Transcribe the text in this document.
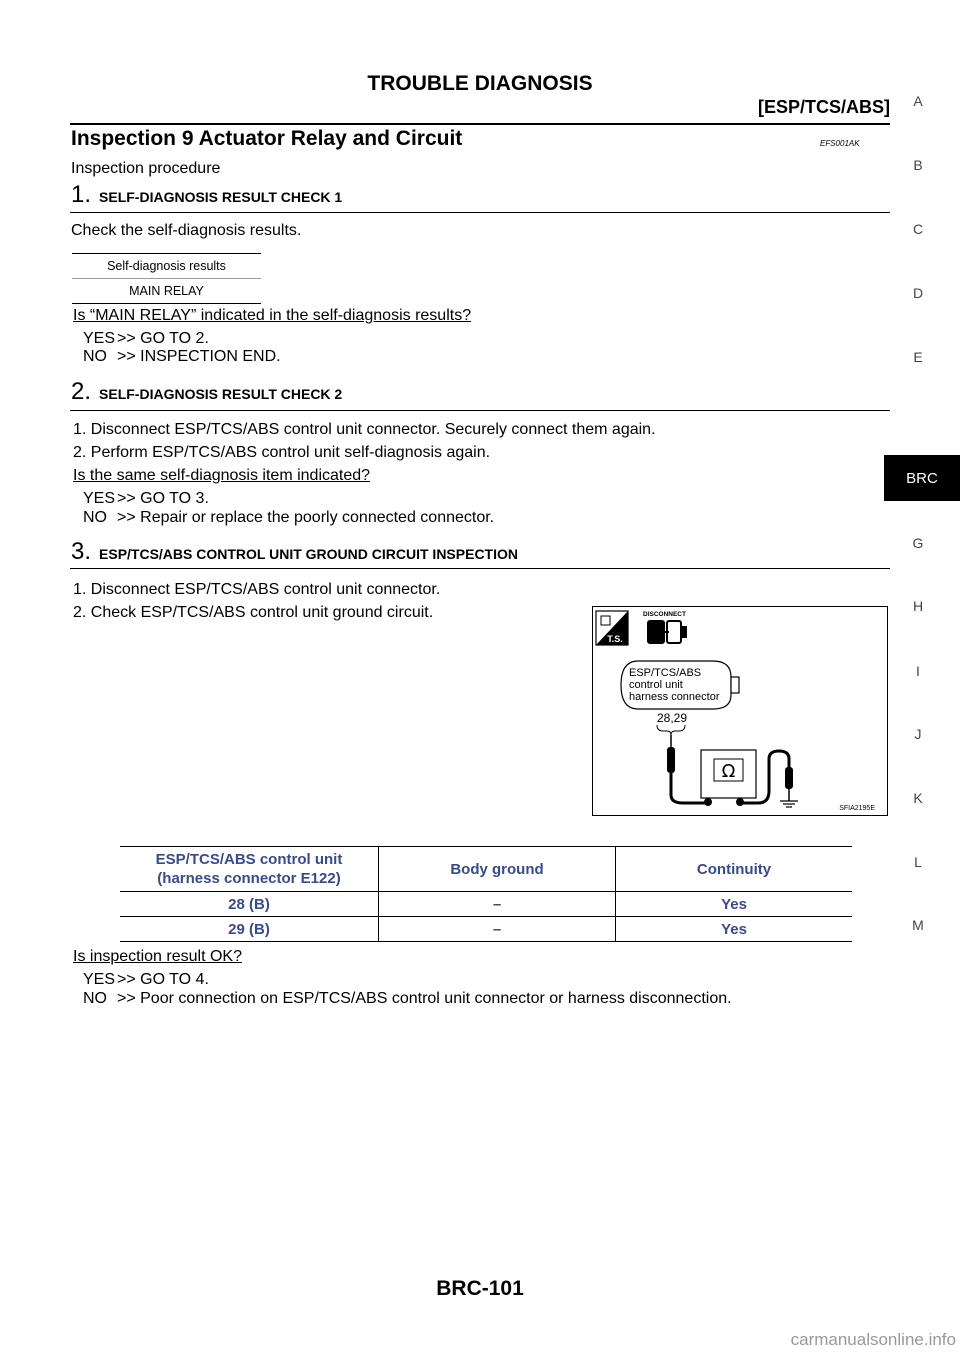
TROUBLE DIAGNOSIS
[ESP/TCS/ABS]	A
B
C
D
E
BRC
G
H
I
J
K
L
M
Inspection 9 Actuator Relay and Circuit	EFS001AK
Inspection procedure
1. SELF-DIAGNOSIS RESULT CHECK 1
Check the self-diagnosis results.
Self-diagnosis results
MAIN RELAY
Is “MAIN RELAY” indicated in the self-diagnosis results?
YES >> GO TO 2.
NO >> INSPECTION END.
2. SELF-DIAGNOSIS RESULT CHECK 2
1. Disconnect ESP/TCS/ABS control unit connector. Securely connect them again.
2. Perform ESP/TCS/ABS control unit self-diagnosis again.
Is the same self-diagnosis item indicated?
YES >> GO TO 3.
NO >> Repair or replace the poorly connected connector.
3. ESP/TCS/ABS CONTROL UNIT GROUND CIRCUIT INSPECTION
1. Disconnect ESP/TCS/ABS control unit connector.
2. Check ESP/TCS/ABS control unit ground circuit.
T.S.
DISCONNECT
ESP/TCS/ABS
control unit
harness connector
28,29
Ω
SFIA2195E
ESP/TCS/ABS control unit
(harness connector E122)	Body ground	Continuity
28 (B)	–	Yes
29 (B)	–	Yes
Is inspection result OK?
YES >> GO TO 4.
NO >> Poor connection on ESP/TCS/ABS control unit connector or harness disconnection.
BRC-101
carmanualsonline.info
